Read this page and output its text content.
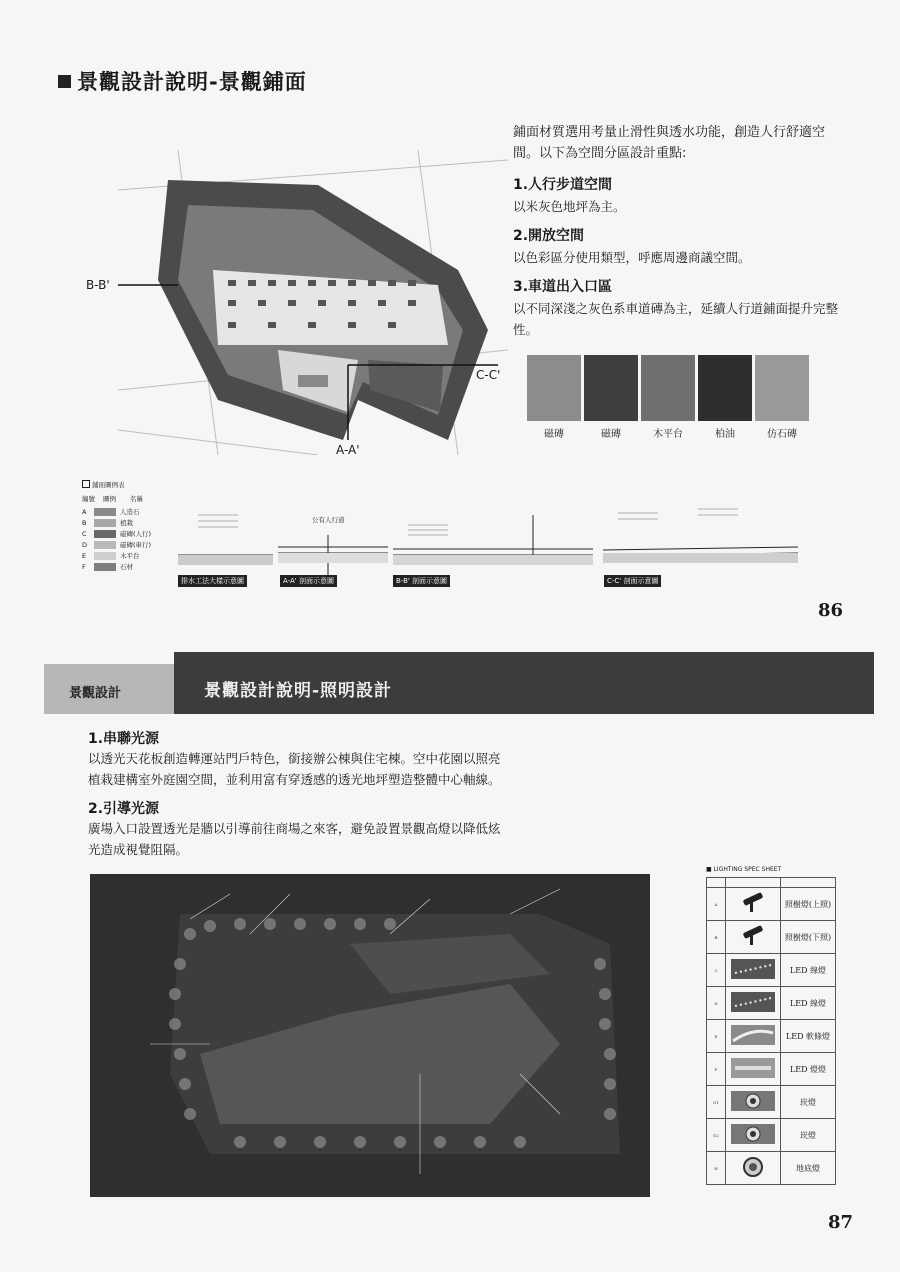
景觀設計說明-景觀鋪面
B-B'
C-C'
A-A'
鋪面材質選用考量止滑性與透水功能，創造人行舒適空間。以下為空間分區設計重點:
1.人行步道空間
以米灰色地坪為主。
2.開放空間
以色彩區分使用類型，呼應周邊商議空間。
3.車道出入口區
以不同深淺之灰色系車道磚為主，延續人行道鋪面提升完整性。
磁磚	磁磚	木平台	柏油	仿石磚
鋪面圖例表
編號 圖例 名稱
A	人造石
B	植栽
C	磁磚(人行)
D	磁磚(車行)
E	木平台
F	石材
公有人行道
排水工法大樣示意圖	A-A' 剖面示意圖	B-B' 剖面示意圖	C-C' 剖面示意圖
86
景觀設計	景觀設計說明-照明設計
1.串聯光源
以透光天花板創造轉運站門戶特色，銜接辦公棟與住宅棟。空中花園以照亮植栽建構室外庭園空間，並利用富有穿透感的透光地坪塑造整體中心軸線。
2.引導光源
廣場入口設置透光是牆以引導前往商場之來客，避免設置景觀高燈以降低炫光造成視覺阻隔。
■ LIGHTING SPEC SHEET

A		照樹燈(上照)
B		照樹燈(下照)
C		LED 線燈
D		LED 線燈
E		LED 軟條燈
F		LED 燈燈
G1		崁燈
G2		崁燈
H		地底燈
87
